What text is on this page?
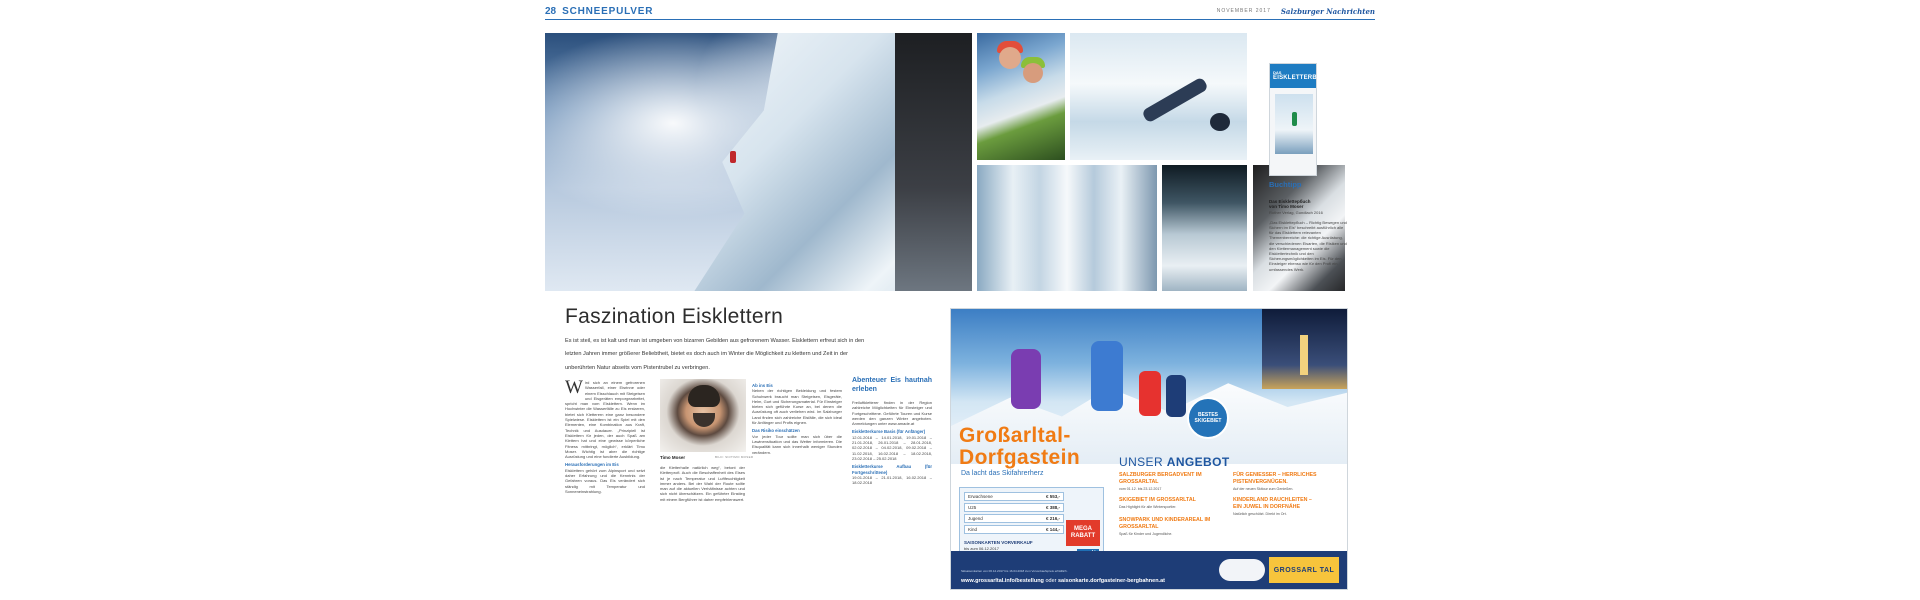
28 SCHNEEPULVER	NOVEMBER 2017 Salzburger Nachrichten
DAS
EISKLETTERBUCH
Buchtipp
Das Eisklettербuch
von Timo Moser
Rother Verlag, Gundlach 2016
„Das Eisklettербuch – Richtig Bewegen und Sichern im Eis“ beschreibt ausführlich alle für das Eisklettern relevanten Themenbereiche: die richtige Ausrüstung, die verschiedenen Eisarten, die Risiken und den Klettermanagement sowie die Eisklettertechnik und den Sicherungsmöglichkeiten im Eis. Für den Einsteiger ebenso wie für den Profi ein umfassendes Werk.
Faszination Eisklettern

Es ist steil, es ist kalt und man ist umgeben von bizarren Gebilden aus gefrorenem Wasser. Eisklettern erfreut sich in den letzten Jahren immer größerer Beliebtheit, bietet es doch auch im Winter die Möglichkeit zu klettern und Zeit in der unberührten Natur abseits vom Pistentrubel zu verbringen.

W ird sich an einem gefrorenen Wasserfall, einer Eisrinne oder einem Eisschlauch mit Steigeisen und Eisgeräten emporgearbeitet, spricht man vom Eisklettern. Wenn im Hochwinter die Wasserfälle zu Eis erstarren, bietet sich Kletterern eine ganz besondere Spielwiese. Eisklettern ist ein Spiel mit den Elementen, eine Kombination aus Kraft, Technik und Ausdauer. „Prinzipiell ist Eisklettern für jeden, der auch Spaß am Klettern hat und eine gewisse körperliche Fitness mitbringt, möglich“, erklärt Timo Moser. Wichtig ist aber die richtige Ausrüstung und eine fundierte Ausbildung.
Herausforderungen im Eis
Eisklettern gehört zum Alpinsport und setzt daher Erfahrung und die Kenntnis der Gefahren voraus. Das Eis verändert sich ständig mit Temperatur und Sonneneinstrahlung.
Timo Moser	BILD: SN/TIMO MOSER
die Kletterhalle natürlich weg“, betont der Kletterprofi. Auch die Beschaffenheit des Eises ist je nach Temperatur und Luftfeuchtigkeit immer anders. Bei der Wahl der Route sollte man auf die aktuellen Verhältnisse achten und sich nicht überschätzen. Ein geführter Einstieg mit einem Bergführer ist daher empfehlenswert.
Ab ins Eis
Neben der richtigen Bekleidung und festem Schuhwerk braucht man Steigeisen, Eisgeräte, Helm, Gurt und Sicherungsmaterial. Für Einsteiger bieten sich geführte Kurse an, bei denen die Ausrüstung oft auch verliehen wird. Im Salzburger Land finden sich zahlreiche Eisfälle, die sich ideal für Anfänger und Profis eignen.
Das Risiko einschätzen
Vor jeder Tour sollte man sich über die Lawinensituation und das Wetter informieren. Die Eisqualität kann sich innerhalb weniger Stunden verändern.
Abenteuer Eis hautnah erleben
Freiluftkletterer finden in der Region zahlreiche Möglichkeiten für Einsteiger und Fortgeschrittene. Geführte Touren und Kurse werden den ganzen Winter angeboten. Anmeldungen unter www.amade.at
Eiskletterkurse Basis (für Anfänger)
12.01.2018 – 14.01.2018, 19.01.2018 – 21.01.2018, 26.01.2018 – 28.01.2018, 02.02.2018 – 04.02.2018, 09.02.2018 – 11.02.2018, 16.02.2018 – 18.02.2018, 23.02.2018 – 25.02.2018
Eiskletterkurse Aufbau (für Fortgeschrittene)
19.01.2018 – 21.01.2018, 16.02.2018 – 18.02.2018
BESTES SKIGEBIET
Großarltal-
Dorfgastein
Da lacht das Skifahrerherz
Erwachsene	€ 553,-
U25	€ 388,-
Jugend	€ 216,-
Kind	€ 144,- MEGA
RABATT
SAISONKARTEN VORVERKAUF
bis zum 06.12.2017
UNSER ANGEBOT
SALZBURGER BERGADVENT IM GROSSARLTAL
vom 01.12. bis 23.12.2017
SKIGEBIET IM GROSSARLTAL
Das Highlight für alle Wintersportler.
SNOWPARK UND KINDERAREAL IM GROSSARLTAL
Spaß für Kinder und Jugendliche.
FÜR GENIESSER – HERRLICHES PISTENVERGNÜGEN.
Auf der neuen Skitour zum Genießen.
KINDERLAND RAUCHLEITEN – EIN JUWEL IN DORFNÄHE
Natürlich geschützt. Direkt im Ort.
Skisaisonkarten von 06.12.2017 bis 16.04.2018 zum Vorverkaufspreis erhältlich.
www.grossarltal.info/bestellung oder saisonkarte.dorfgasteiner-bergbahnen.at
GROSSARL TAL
